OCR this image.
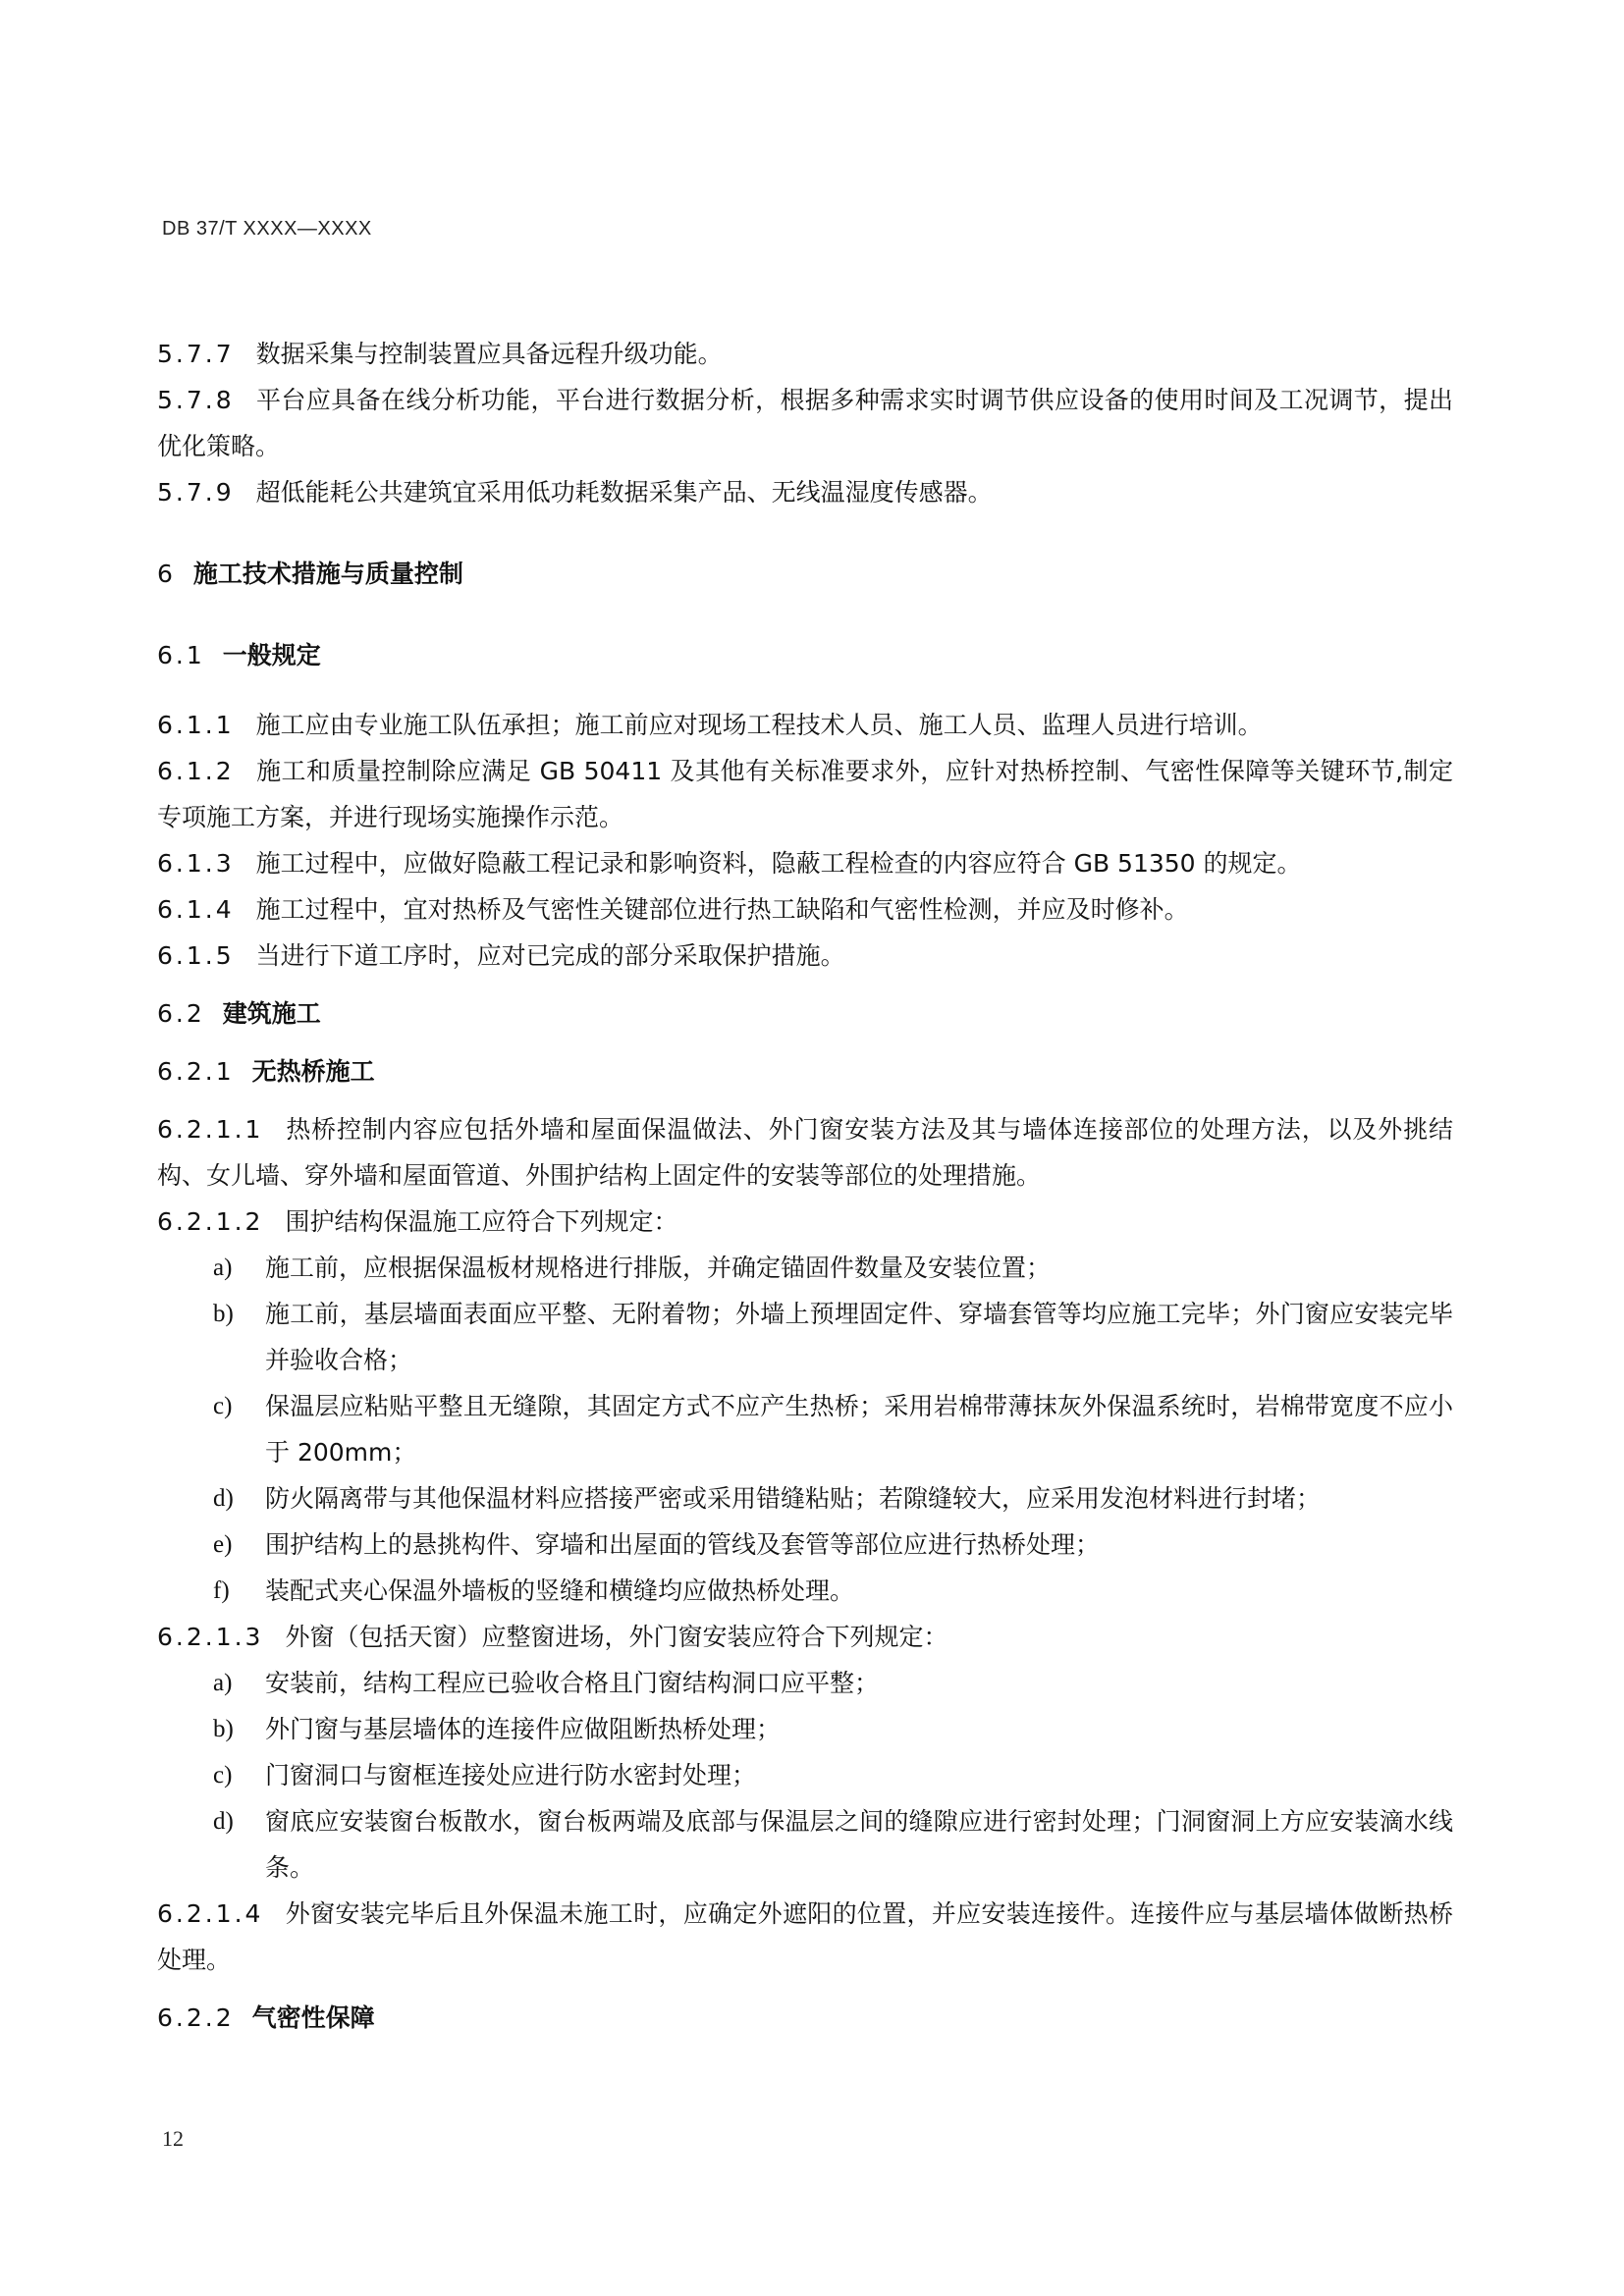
DB 37/T XXXX—XXXX

5.7.7 数据采集与控制装置应具备远程升级功能。

5.7.8 平台应具备在线分析功能，平台进行数据分析，根据多种需求实时调节供应设备的使用时间及工况调节，提出优化策略。

5.7.9 超低能耗公共建筑宜采用低功耗数据采集产品、无线温湿度传感器。

6 施工技术措施与质量控制

6.1 一般规定

6.1.1 施工应由专业施工队伍承担；施工前应对现场工程技术人员、施工人员、监理人员进行培训。

6.1.2 施工和质量控制除应满足 GB 50411 及其他有关标准要求外，应针对热桥控制、气密性保障等关键环节,制定专项施工方案，并进行现场实施操作示范。

6.1.3 施工过程中，应做好隐蔽工程记录和影响资料，隐蔽工程检查的内容应符合 GB 51350 的规定。

6.1.4 施工过程中，宜对热桥及气密性关键部位进行热工缺陷和气密性检测，并应及时修补。

6.1.5 当进行下道工序时，应对已完成的部分采取保护措施。

6.2 建筑施工

6.2.1 无热桥施工

6.2.1.1 热桥控制内容应包括外墙和屋面保温做法、外门窗安装方法及其与墙体连接部位的处理方法，以及外挑结构、女儿墙、穿外墙和屋面管道、外围护结构上固定件的安装等部位的处理措施。

6.2.1.2 围护结构保温施工应符合下列规定：

a) 施工前，应根据保温板材规格进行排版，并确定锚固件数量及安装位置；
b) 施工前，基层墙面表面应平整、无附着物；外墙上预埋固定件、穿墙套管等均应施工完毕；外门窗应安装完毕并验收合格；
c) 保温层应粘贴平整且无缝隙，其固定方式不应产生热桥；采用岩棉带薄抹灰外保温系统时，岩棉带宽度不应小于 200mm；
d) 防火隔离带与其他保温材料应搭接严密或采用错缝粘贴；若隙缝较大，应采用发泡材料进行封堵；
e) 围护结构上的悬挑构件、穿墙和出屋面的管线及套管等部位应进行热桥处理；
f) 装配式夹心保温外墙板的竖缝和横缝均应做热桥处理。

6.2.1.3 外窗（包括天窗）应整窗进场，外门窗安装应符合下列规定：

a) 安装前，结构工程应已验收合格且门窗结构洞口应平整；
b) 外门窗与基层墙体的连接件应做阻断热桥处理；
c) 门窗洞口与窗框连接处应进行防水密封处理；
d) 窗底应安装窗台板散水，窗台板两端及底部与保温层之间的缝隙应进行密封处理；门洞窗洞上方应安装滴水线条。

6.2.1.4 外窗安装完毕后且外保温未施工时，应确定外遮阳的位置，并应安装连接件。连接件应与基层墙体做断热桥处理。

6.2.2 气密性保障

12
